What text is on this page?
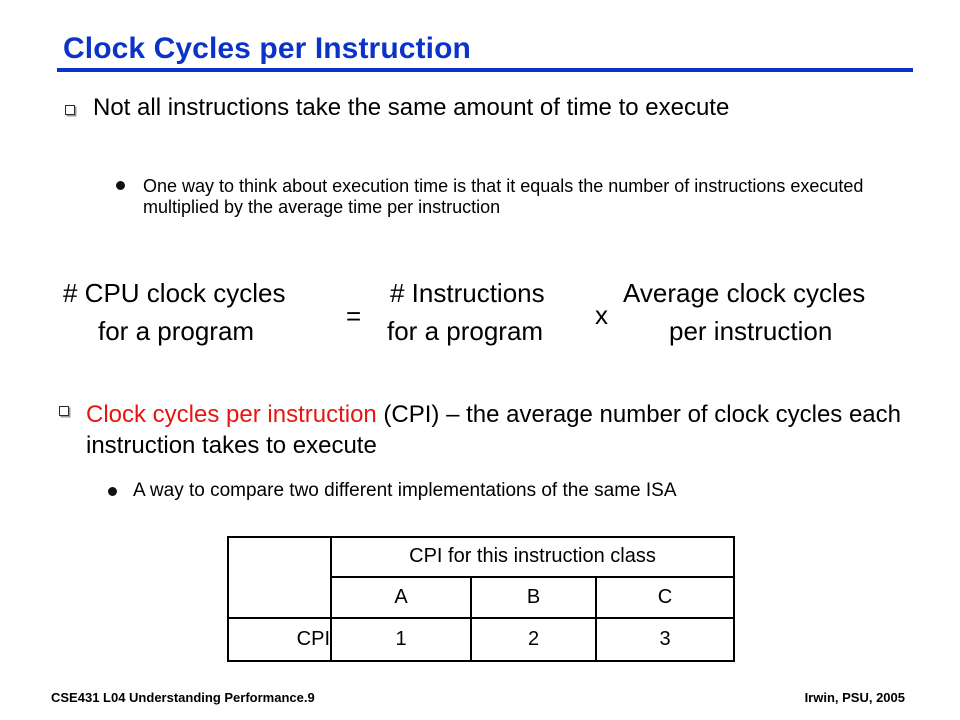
Clock Cycles per Instruction
Not all instructions take the same amount of time to execute
One way to think about execution time is that it equals the number of instructions executed multiplied by the average time per instruction
# CPU clock cycles
for a program	=
# Instructions
for a program
x
Average clock cycles
per instruction
Clock cycles per instruction (CPI) – the average number of clock cycles each instruction takes to execute
A way to compare two different implementations of the same ISA
CPI for this instruction class
A	B	C
CPI	1	2	3
CSE431 L04 Understanding Performance.9	Irwin, PSU, 2005
